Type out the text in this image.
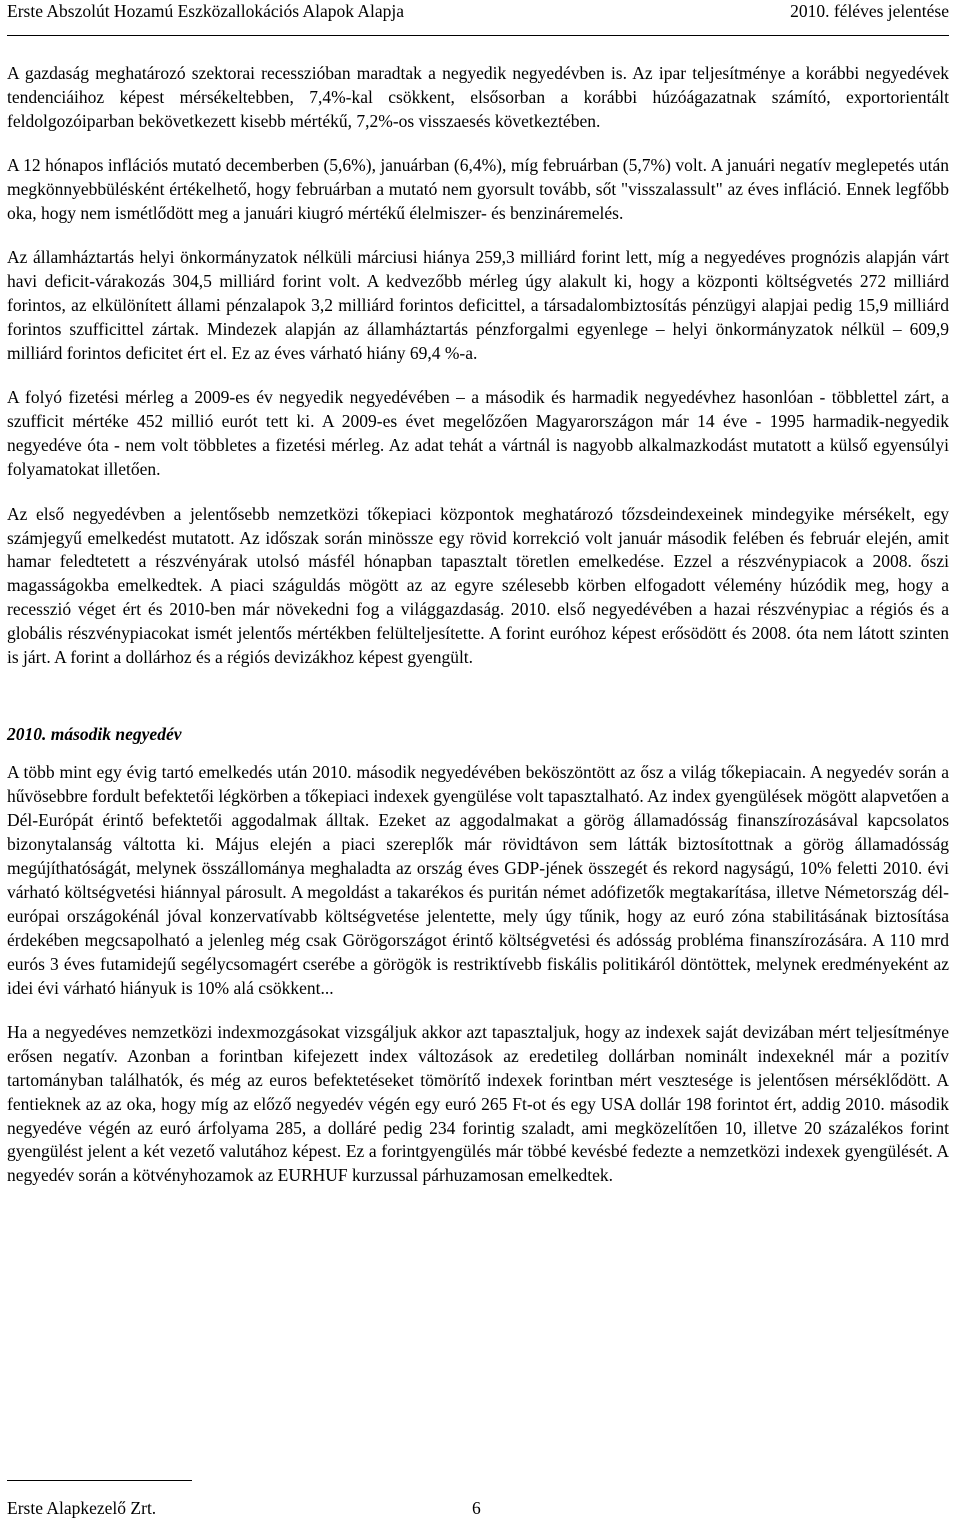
Erste Abszolút Hozamú Eszközallokációs Alapok Alapja	2010. féléves jelentése

A gazdaság meghatározó szektorai recesszióban maradtak a negyedik negyedévben is. Az ipar teljesítménye a korábbi negyedévek tendenciáihoz képest mérsékeltebben, 7,4%-kal csökkent, elsősorban a korábbi húzóágazatnak számító, exportorientált feldolgozóiparban bekövetkezett kisebb mértékű, 7,2%-os visszaesés következtében.

A 12 hónapos inflációs mutató decemberben (5,6%), januárban (6,4%), míg februárban (5,7%) volt. A januári negatív meglepetés után megkönnyebbülésként értékelhető, hogy februárban a mutató nem gyorsult tovább, sőt "visszalassult" az éves infláció. Ennek legfőbb oka, hogy nem ismétlődött meg a januári kiugró mértékű élelmiszer- és benzináremelés.

Az államháztartás helyi önkormányzatok nélküli márciusi hiánya 259,3 milliárd forint lett, míg a negyedéves prognózis alapján várt havi deficit-várakozás 304,5 milliárd forint volt. A kedvezőbb mérleg úgy alakult ki, hogy a központi költségvetés 272 milliárd forintos, az elkülönített állami pénzalapok 3,2 milliárd forintos deficittel, a társadalombiztosítás pénzügyi alapjai pedig 15,9 milliárd forintos szufficittel zártak. Mindezek alapján az államháztartás pénzforgalmi egyenlege – helyi önkormányzatok nélkül – 609,9 milliárd forintos deficitet ért el. Ez az éves várható hiány 69,4 %-a.

A folyó fizetési mérleg a 2009-es év negyedik negyedévében – a második és harmadik negyedévhez hasonlóan - többlettel zárt, a szufficit mértéke 452 millió eurót tett ki. A 2009-es évet megelőzően Magyarországon már 14 éve - 1995 harmadik-negyedik negyedéve óta - nem volt többletes a fizetési mérleg. Az adat tehát a vártnál is nagyobb alkalmazkodást mutatott a külső egyensúlyi folyamatokat illetően.

Az első negyedévben a jelentősebb nemzetközi tőkepiaci központok meghatározó tőzsdeindexeinek mindegyike mérsékelt, egy számjegyű emelkedést mutatott. Az időszak során minössze egy rövid korrekció volt január második felében és február elején, amit hamar feledtetett a részvényárak utolsó másfél hónapban tapasztalt töretlen emelkedése. Ezzel a részvénypiacok a 2008. őszi magasságokba emelkedtek. A piaci száguldás mögött az az egyre szélesebb körben elfogadott vélemény húzódik meg, hogy a recesszió véget ért és 2010-ben már növekedni fog a világgazdaság. 2010. első negyedévében a hazai részvénypiac a régiós és a globális részvénypiacokat ismét jelentős mértékben felülteljesítette. A forint euróhoz képest erősödött és 2008. óta nem látott szinten is járt. A forint a dollárhoz és a régiós devizákhoz képest gyengült.

2010. második negyedév

A több mint egy évig tartó emelkedés után 2010. második negyedévében beköszöntött az ősz a világ tőkepiacain. A negyedév során a hűvösebbre fordult befektetői légkörben a tőkepiaci indexek gyengülése volt tapasztalható. Az index gyengülések mögött alapvetően a Dél-Európát érintő befektetői aggodalmak álltak. Ezeket az aggodalmakat a görög államadósság finanszírozásával kapcsolatos bizonytalanság váltotta ki. Május elején a piaci szereplők már rövidtávon sem látták biztosítottnak a görög államadósság megújíthatóságát, melynek összállománya meghaladta az ország éves GDP-jének összegét és rekord nagyságú, 10% feletti 2010. évi várható költségvetési hiánnyal párosult. A megoldást a takarékos és puritán német adófizetők megtakarítása, illetve Németország dél-európai országokénál jóval konzervatívabb költségvetése jelentette, mely úgy tűnik, hogy az euró zóna stabilitásának biztosítása érdekében megcsapolható a jelenleg még csak Görögországot érintő költségvetési és adósság probléma finanszírozására. A 110 mrd eurós 3 éves futamidejű segélycsomagért cserébe a görögök is restriktívebb fiskális politikáról döntöttek, melynek eredményeként az idei évi várható hiányuk is 10% alá csökkent...

Ha a negyedéves nemzetközi indexmozgásokat vizsgáljuk akkor azt tapasztaljuk, hogy az indexek saját devizában mért teljesítménye erősen negatív. Azonban a forintban kifejezett index változások az eredetileg dollárban nominált indexeknél már a pozitív tartományban találhatók, és még az euros befektetéseket tömörítő indexek forintban mért vesztesége is jelentősen mérséklődött. A fentieknek az az oka, hogy míg az előző negyedév végén egy euró 265 Ft-ot és egy USA dollár 198 forintot ért, addig 2010. második negyedéve végén az euró árfolyama 285, a dolláré pedig 234 forintig szaladt, ami megközelítően 10, illetve 20 százalékos forint gyengülést jelent a két vezető valutához képest. Ez a forintgyengülés már többé kevésbé fedezte a nemzetközi indexek gyengülését. A negyedév során a kötvényhozamok az EURHUF kurzussal párhuzamosan emelkedtek.

Erste Alapkezelő Zrt.	6
